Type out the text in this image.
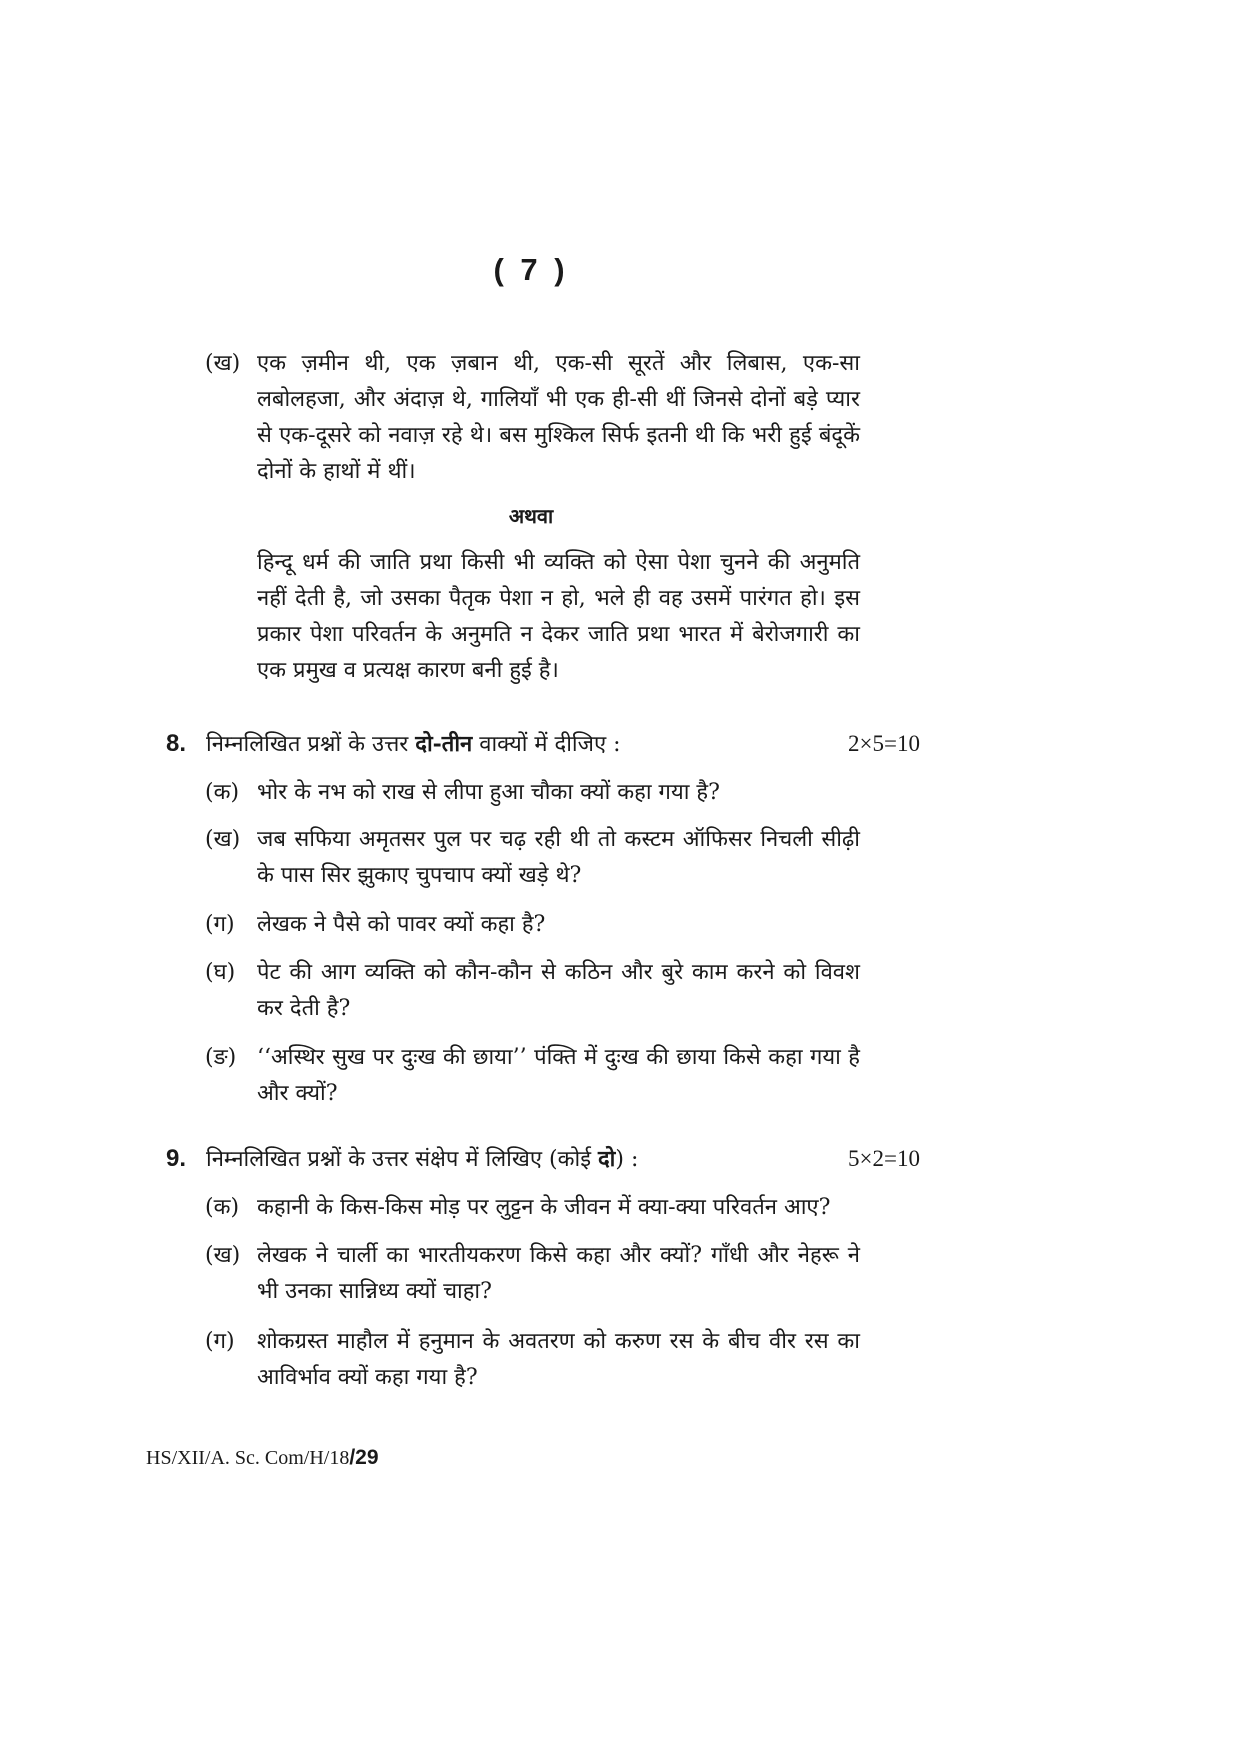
( 7 )
(ख) एक ज़मीन थी, एक ज़बान थी, एक-सी सूरतें और लिबास, एक-सा लबोलहजा, और अंदाज़ थे, गालियाँ भी एक ही-सी थीं जिनसे दोनों बड़े प्यार से एक-दूसरे को नवाज़ रहे थे। बस मुश्किल सिर्फ इतनी थी कि भरी हुई बंदूकें दोनों के हाथों में थीं।
अथवा
हिन्दू धर्म की जाति प्रथा किसी भी व्यक्ति को ऐसा पेशा चुनने की अनुमति नहीं देती है, जो उसका पैतृक पेशा न हो, भले ही वह उसमें पारंगत हो। इस प्रकार पेशा परिवर्तन के अनुमति न देकर जाति प्रथा भारत में बेरोजगारी का एक प्रमुख व प्रत्यक्ष कारण बनी हुई है।
8. निम्नलिखित प्रश्नों के उत्तर दो-तीन वाक्यों में दीजिए :	2×5=10
(क) भोर के नभ को राख से लीपा हुआ चौका क्यों कहा गया है?
(ख) जब सफिया अमृतसर पुल पर चढ़ रही थी तो कस्टम ऑफिसर निचली सीढ़ी के पास सिर झुकाए चुपचाप क्यों खड़े थे?
(ग)	लेखक ने पैसे को पावर क्यों कहा है?
(घ) पेट की आग व्यक्ति को कौन-कौन से कठिन और बुरे काम करने को विवश कर देती है?
(ङ) ‘‘अस्थिर सुख पर दुःख की छाया’’ पंक्ति में दुःख की छाया किसे कहा गया है और क्यों?
9. निम्नलिखित प्रश्नों के उत्तर संक्षेप में लिखिए (कोई दो) :	5×2=10
(क) कहानी के किस-किस मोड़ पर लुट्टन के जीवन में क्या-क्या परिवर्तन आए?
(ख) लेखक ने चार्ली का भारतीयकरण किसे कहा और क्यों? गाँधी और नेहरू ने भी उनका सान्निध्य क्यों चाहा?
(ग)	शोकग्रस्त माहौल में हनुमान के अवतरण को करुण रस के बीच वीर रस का आविर्भाव क्यों कहा गया है?
HS/XII/A. Sc. Com/H/18/29
